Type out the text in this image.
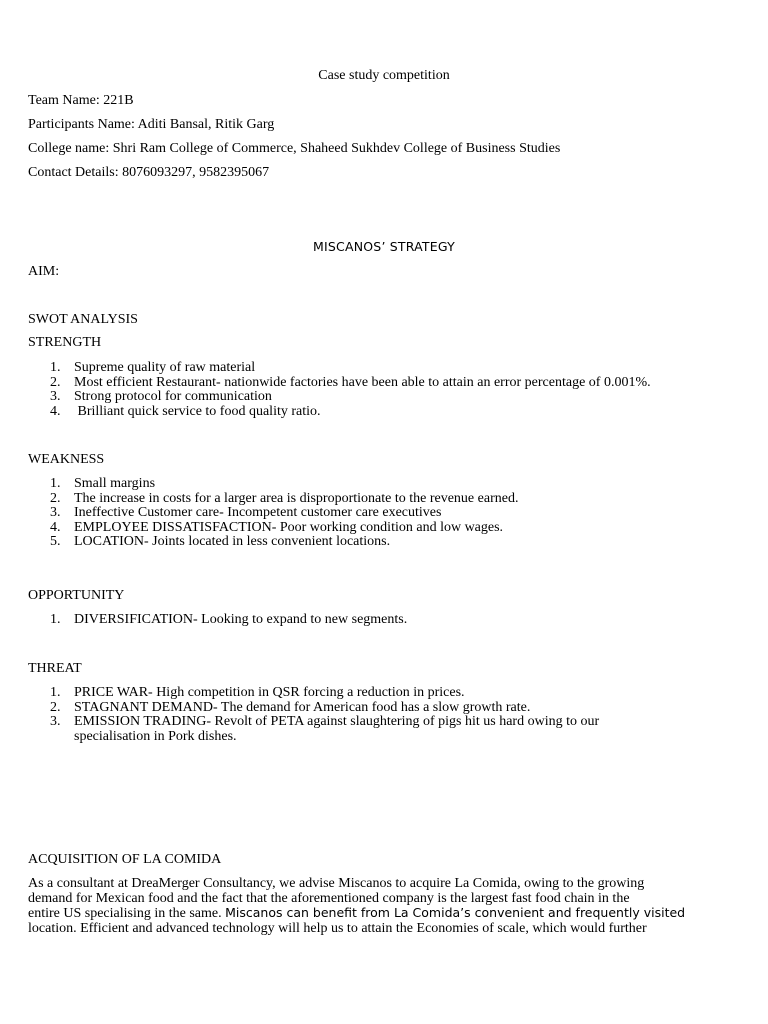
Case study competition
Team Name: 221B
Participants Name: Aditi Bansal, Ritik Garg
College name: Shri Ram College of Commerce, Shaheed Sukhdev College of Business Studies
Contact Details: 8076093297, 9582395067
MISCANOS’ STRATEGY
AIM:
SWOT ANALYSIS
STRENGTH
1. Supreme quality of raw material
2. Most efficient Restaurant- nationwide factories have been able to attain an error percentage of 0.001%.
3. Strong protocol for communication
4. Brilliant quick service to food quality ratio.
WEAKNESS
1. Small margins
2. The increase in costs for a larger area is disproportionate to the revenue earned.
3. Ineffective Customer care- Incompetent customer care executives
4. EMPLOYEE DISSATISFACTION- Poor working condition and low wages.
5. LOCATION- Joints located in less convenient locations.
OPPORTUNITY
1. DIVERSIFICATION- Looking to expand to new segments.
THREAT
1. PRICE WAR- High competition in QSR forcing a reduction in prices.
2. STAGNANT DEMAND- The demand for American food has a slow growth rate.
3. EMISSION TRADING- Revolt of PETA against slaughtering of pigs hit us hard owing to our
specialisation in Pork dishes.
ACQUISITION OF LA COMIDA
As a consultant at DreaMerger Consultancy, we advise Miscanos to acquire La Comida, owing to the growing
demand for Mexican food and the fact that the aforementioned company is the largest fast food chain in the
entire US specialising in the same. Miscanos can benefit from La Comida’s convenient and frequently visited
location. Efficient and advanced technology will help us to attain the Economies of scale, which would further
